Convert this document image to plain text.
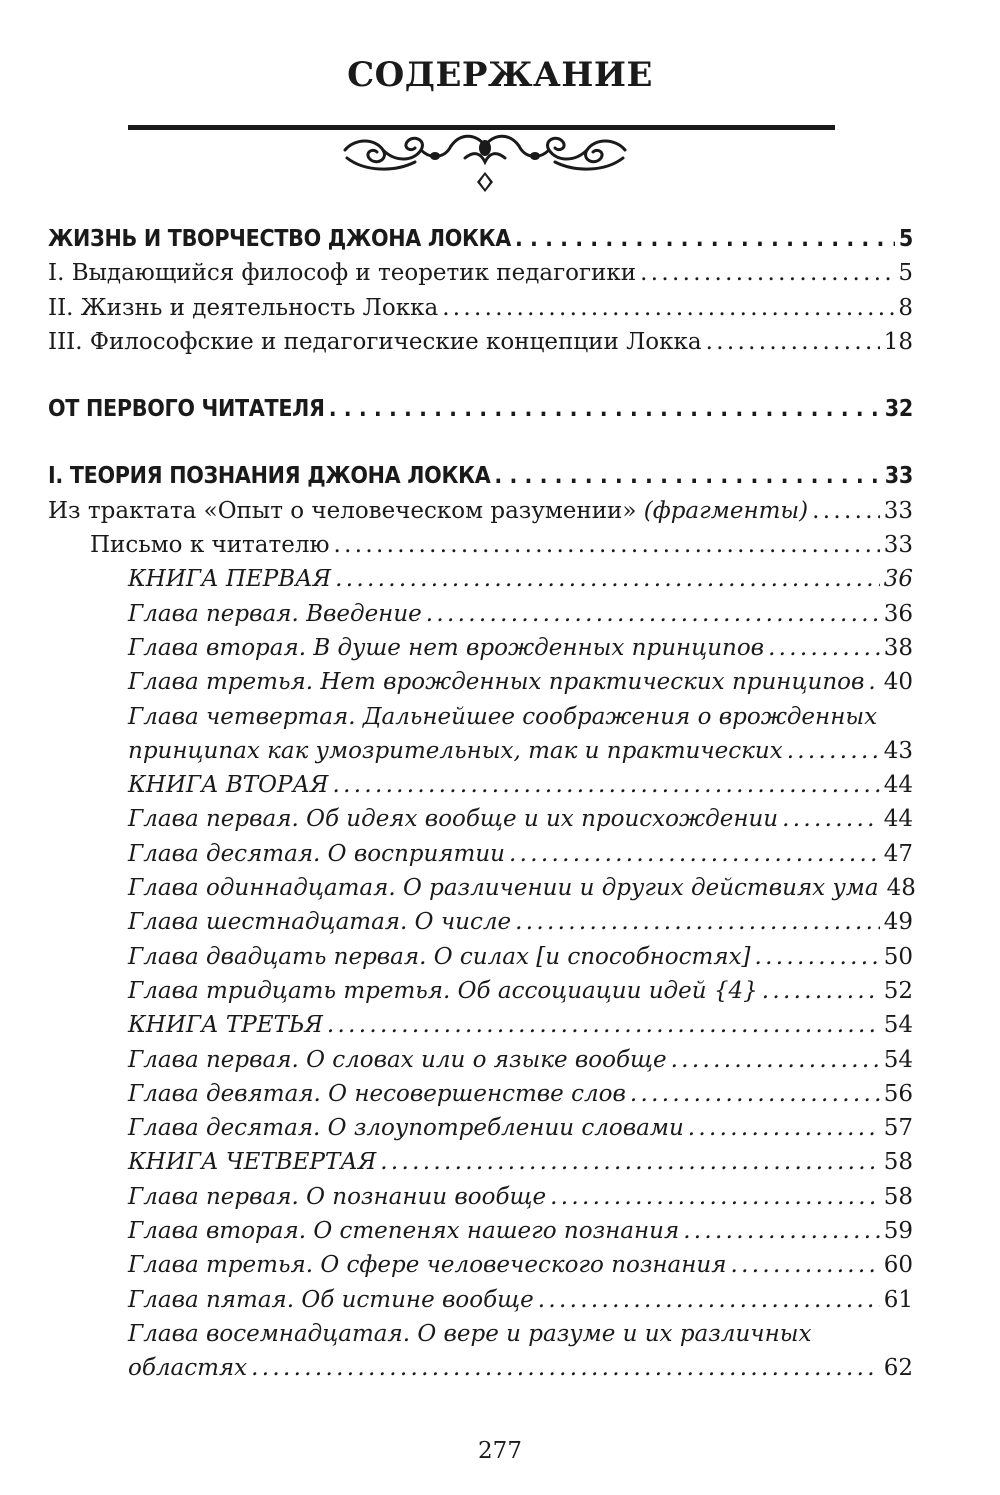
СОДЕРЖАНИЕ
ЖИЗНЬ И ТВОРЧЕСТВО ДЖОНА ЛОККА . . .	5
I. Выдающийся философ и теоретик педагогики . . .	5
II. Жизнь и деятельность Локка . . .	8
III. Философские и педагогические концепции Локка . . .	18
ОТ ПЕРВОГО ЧИТАТЕЛЯ . . .	32
I. ТЕОРИЯ ПОЗНАНИЯ ДЖОНА ЛОККА . . .	33
Из трактата «Опыт о человеческом разумении» (фрагменты) . . .	33
Письмо к читателю . . .	33
КНИГА ПЕРВАЯ . . .	36
Глава первая. Введение . . .	36
Глава вторая. В душе нет врожденных принципов . . .	38
Глава третья. Нет врожденных практических принципов . . . 40
Глава четвертая. Дальнейшее соображения о врожденных
принципах как умозрительных, так и практических . . .	43
КНИГА ВТОРАЯ . . .	44
Глава первая. Об идеях вообще и их происхождении . . .	44
Глава десятая. О восприятии . . .	47
Глава одиннадцатая. О различении и других действиях ума 48
Глава шестнадцатая. О числе . . .	49
Глава двадцать первая. О силах [и способностях] . . .	50
Глава тридцать третья. Об ассоциации идей {4} . . .	52
КНИГА ТРЕТЬЯ . . .	54
Глава первая. О словах или о языке вообще . . .	54
Глава девятая. О несовершенстве слов . . .	56
Глава десятая. О злоупотреблении словами . . .	57
КНИГА ЧЕТВЕРТАЯ . . .	58
Глава первая. О познании вообще . . .	58
Глава вторая. О степенях нашего познания . . .	59
Глава третья. О сфере человеческого познания . . .	60
Глава пятая. Об истине вообще . . .	61
Глава восемнадцатая. О вере и разуме и их различных
областях . . .	62
277
